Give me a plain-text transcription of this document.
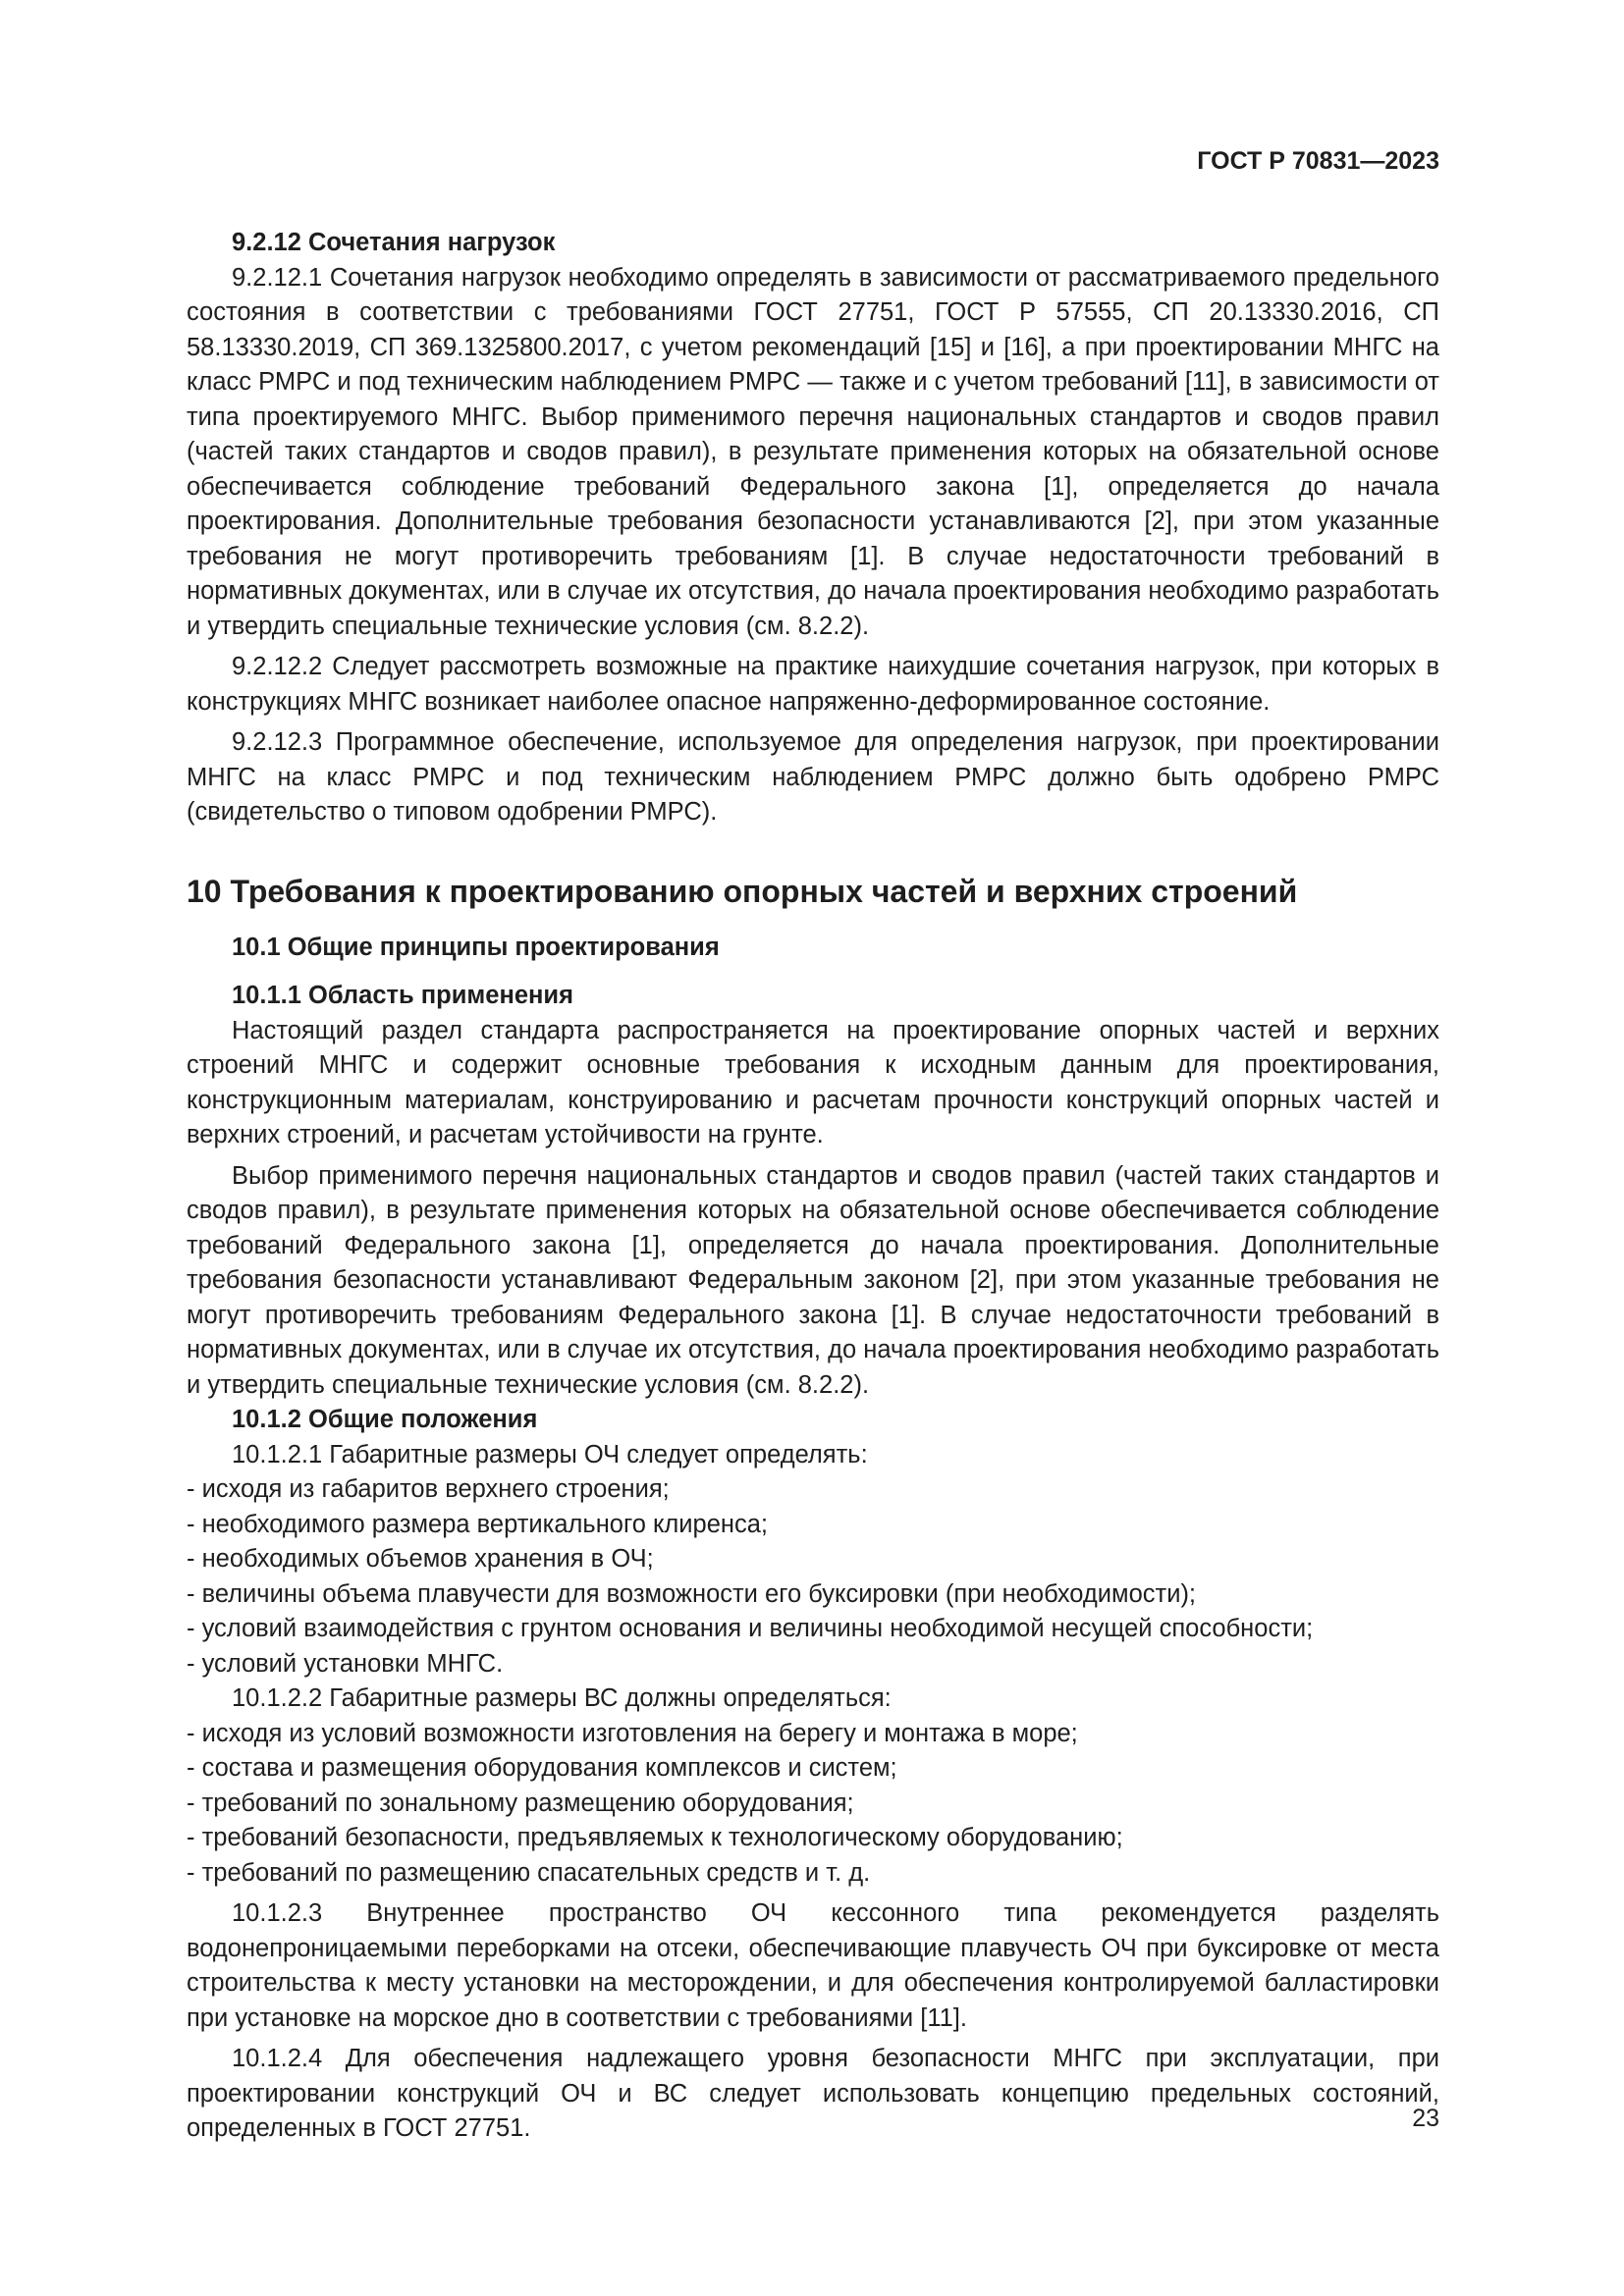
ГОСТ Р 70831—2023

9.2.12 Сочетания нагрузок

9.2.12.1 Сочетания нагрузок необходимо определять в зависимости от рассматриваемого предельного состояния в соответствии с требованиями ГОСТ 27751, ГОСТ Р 57555, СП 20.13330.2016, СП 58.13330.2019, СП 369.1325800.2017, с учетом рекомендаций [15] и [16], а при проектировании МНГС на класс РМРС и под техническим наблюдением РМРС — также и с учетом требований [11], в зависимости от типа проектируемого МНГС. Выбор применимого перечня национальных стандартов и сводов правил (частей таких стандартов и сводов правил), в результате применения которых на обязательной основе обеспечивается соблюдение требований Федерального закона [1], определяется до начала проектирования. Дополнительные требования безопасности устанавливаются [2], при этом указанные требования не могут противоречить требованиям [1]. В случае недостаточности требований в нормативных документах, или в случае их отсутствия, до начала проектирования необходимо разработать и утвердить специальные технические условия (см. 8.2.2).

9.2.12.2 Следует рассмотреть возможные на практике наихудшие сочетания нагрузок, при которых в конструкциях МНГС возникает наиболее опасное напряженно-деформированное состояние.

9.2.12.3 Программное обеспечение, используемое для определения нагрузок, при проектировании МНГС на класс РМРС и под техническим наблюдением РМРС должно быть одобрено РМРС (свидетельство о типовом одобрении РМРС).

10 Требования к проектированию опорных частей и верхних строений

10.1 Общие принципы проектирования

10.1.1 Область применения

Настоящий раздел стандарта распространяется на проектирование опорных частей и верхних строений МНГС и содержит основные требования к исходным данным для проектирования, конструкционным материалам, конструированию и расчетам прочности конструкций опорных частей и верхних строений, и расчетам устойчивости на грунте.

Выбор применимого перечня национальных стандартов и сводов правил (частей таких стандартов и сводов правил), в результате применения которых на обязательной основе обеспечивается соблюдение требований Федерального закона [1], определяется до начала проектирования. Дополнительные требования безопасности устанавливают Федеральным законом [2], при этом указанные требования не могут противоречить требованиям Федерального закона [1]. В случае недостаточности требований в нормативных документах, или в случае их отсутствия, до начала проектирования необходимо разработать и утвердить специальные технические условия (см. 8.2.2).

10.1.2 Общие положения

10.1.2.1 Габаритные размеры ОЧ следует определять:

- исходя из габаритов верхнего строения;

- необходимого размера вертикального клиренса;

- необходимых объемов хранения в ОЧ;

- величины объема плавучести для возможности его буксировки (при необходимости);

- условий взаимодействия с грунтом основания и величины необходимой несущей способности;

- условий установки МНГС.

10.1.2.2 Габаритные размеры ВС должны определяться:

- исходя из условий возможности изготовления на берегу и монтажа в море;

- состава и размещения оборудования комплексов и систем;

- требований по зональному размещению оборудования;

- требований безопасности, предъявляемых к технологическому оборудованию;

- требований по размещению спасательных средств и т. д.

10.1.2.3 Внутреннее пространство ОЧ кессонного типа рекомендуется разделять водонепроницаемыми переборками на отсеки, обеспечивающие плавучесть ОЧ при буксировке от места строительства к месту установки на месторождении, и для обеспечения контролируемой балластировки при установке на морское дно в соответствии с требованиями [11].

10.1.2.4 Для обеспечения надлежащего уровня безопасности МНГС при эксплуатации, при проектировании конструкций ОЧ и ВС следует использовать концепцию предельных состояний, определенных в ГОСТ 27751.	23
